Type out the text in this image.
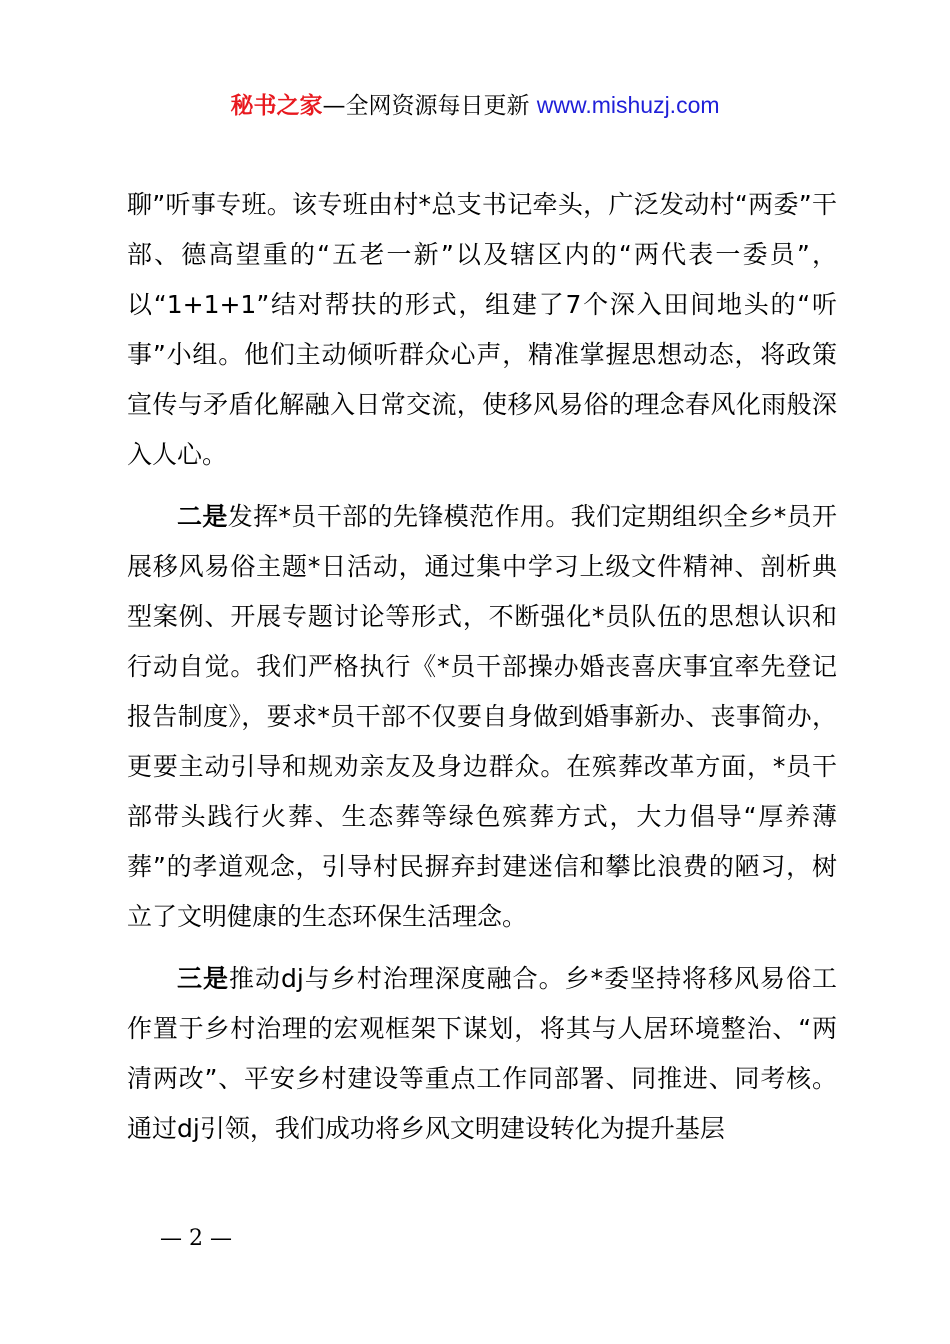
秘书之家—全网资源每日更新 www.mishuzj.com

聊”听事专班。该专班由村*总支书记牵头，广泛发动村“两委”干部、德高望重的“五老一新”以及辖区内的“两代表一委员”，以“1+1+1”结对帮扶的形式，组建了7个深入田间地头的“听事”小组。他们主动倾听群众心声，精准掌握思想动态，将政策宣传与矛盾化解融入日常交流，使移风易俗的理念春风化雨般深入人心。

二是发挥*员干部的先锋模范作用。我们定期组织全乡*员开展移风易俗主题*日活动，通过集中学习上级文件精神、剖析典型案例、开展专题讨论等形式，不断强化*员队伍的思想认识和行动自觉。我们严格执行《*员干部操办婚丧喜庆事宜率先登记报告制度》，要求*员干部不仅要自身做到婚事新办、丧事简办，更要主动引导和规劝亲友及身边群众。在殡葬改革方面，*员干部带头践行火葬、生态葬等绿色殡葬方式，大力倡导“厚养薄葬”的孝道观念，引导村民摒弃封建迷信和攀比浪费的陋习，树立了文明健康的生态环保生活理念。

三是推动dj与乡村治理深度融合。乡*委坚持将移风易俗工作置于乡村治理的宏观框架下谋划，将其与人居环境整治、“两清两改”、平安乡村建设等重点工作同部署、同推进、同考核。通过dj引领，我们成功将乡风文明建设转化为提升基层

— 2 —
